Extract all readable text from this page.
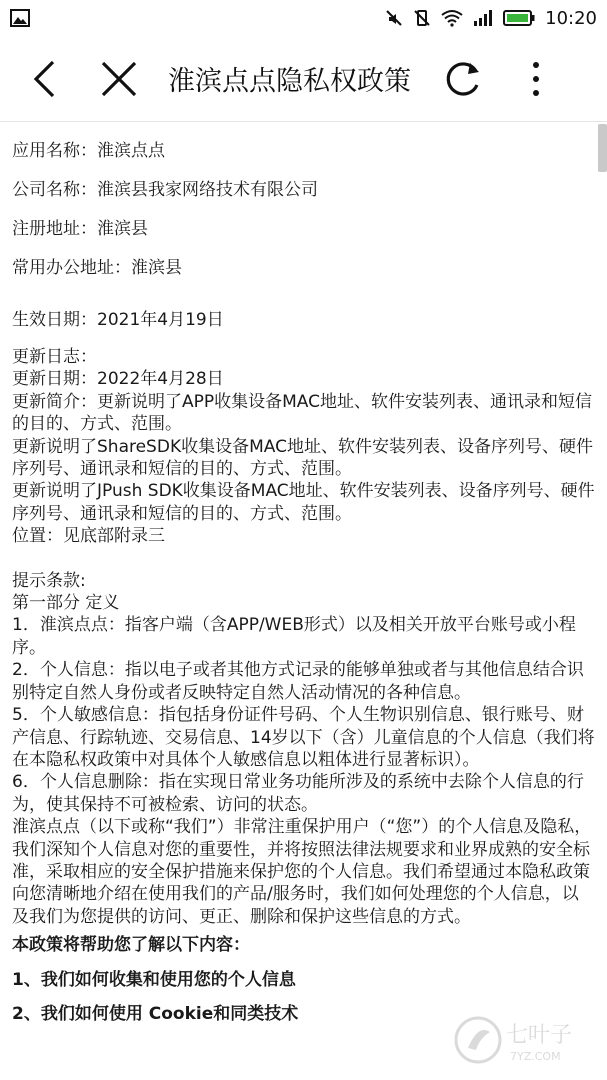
10:20
淮滨点点隐私权政策

应用名称：淮滨点点

公司名称：淮滨县我家网络技术有限公司

注册地址：淮滨县

常用办公地址：淮滨县

生效日期：2021年4月19日

更新日志：

更新日期：2022年4月28日

更新简介：更新说明了APP收集设备MAC地址、软件安装列表、通讯录和短信的目的、方式、范围。

更新说明了ShareSDK收集设备MAC地址、软件安装列表、设备序列号、硬件序列号、通讯录和短信的目的、方式、范围。

更新说明了JPush SDK收集设备MAC地址、软件安装列表、设备序列号、硬件序列号、通讯录和短信的目的、方式、范围。

位置：见底部附录三

提示条款:

第一部分 定义

1．淮滨点点：指客户端（含APP/WEB形式）以及相关开放平台账号或小程序。

2．个人信息：指以电子或者其他方式记录的能够单独或者与其他信息结合识别特定自然人身份或者反映特定自然人活动情况的各种信息。

5．个人敏感信息：指包括身份证件号码、个人生物识别信息、银行账号、财产信息、行踪轨迹、交易信息、14岁以下（含）儿童信息的个人信息（我们将在本隐私权政策中对具体个人敏感信息以粗体进行显著标识）。

6．个人信息删除：指在实现日常业务功能所涉及的系统中去除个人信息的行为，使其保持不可被检索、访问的状态。

淮滨点点（以下或称“我们”）非常注重保护用户（“您”）的个人信息及隐私，我们深知个人信息对您的重要性，并将按照法律法规要求和业界成熟的安全标准，采取相应的安全保护措施来保护您的个人信息。我们希望通过本隐私政策向您清晰地介绍在使用我们的产品/服务时，我们如何处理您的个人信息，以及我们为您提供的访问、更正、删除和保护这些信息的方式。

本政策将帮助您了解以下内容：

1、我们如何收集和使用您的个人信息

2、我们如何使用 Cookie和同类技术

七叶子
7YZ.COM
